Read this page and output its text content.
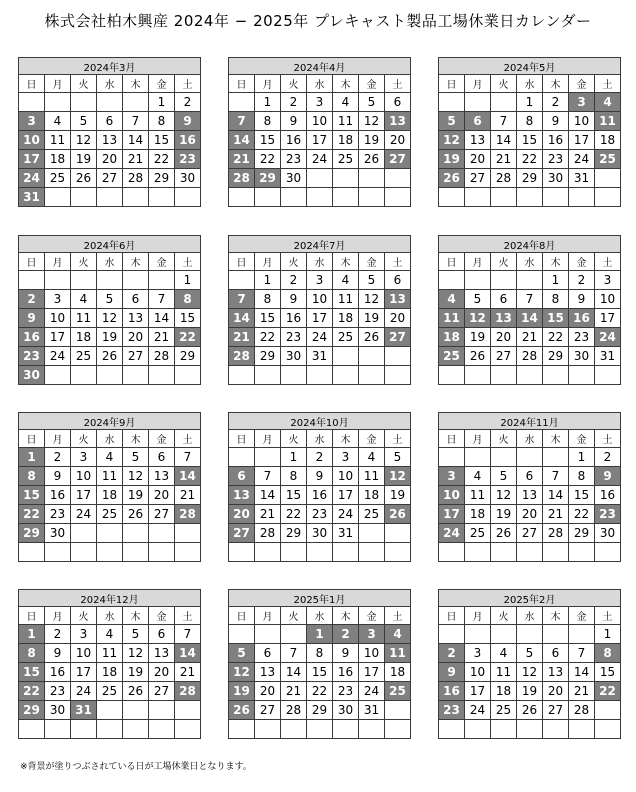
株式会社柏木興産 2024年 − 2025年 プレキャスト製品工場休業日カレンダー
2024年3月						
日	月	火	水	木	金	土
					1	2
3	4	5	6	7	8	9
10	11	12	13	14	15	16
17	18	19	20	21	22	23
24	25	26	27	28	29	30
31						
2024年4月						
日	月	火	水	木	金	土
	1	2	3	4	5	6
7	8	9	10	11	12	13
14	15	16	17	18	19	20
21	22	23	24	25	26	27
28	29	30				

2024年5月						
日	月	火	水	木	金	土
			1	2	3	4
5	6	7	8	9	10	11
12	13	14	15	16	17	18
19	20	21	22	23	24	25
26	27	28	29	30	31	

2024年6月						
日	月	火	水	木	金	土
						1
2	3	4	5	6	7	8
9	10	11	12	13	14	15
16	17	18	19	20	21	22
23	24	25	26	27	28	29
30						
2024年7月						
日	月	火	水	木	金	土
	1	2	3	4	5	6
7	8	9	10	11	12	13
14	15	16	17	18	19	20
21	22	23	24	25	26	27
28	29	30	31			

2024年8月						
日	月	火	水	木	金	土
				1	2	3
4	5	6	7	8	9	10
11	12	13	14	15	16	17
18	19	20	21	22	23	24
25	26	27	28	29	30	31

2024年9月						
日	月	火	水	木	金	土
1	2	3	4	5	6	7
8	9	10	11	12	13	14
15	16	17	18	19	20	21
22	23	24	25	26	27	28
29	30					

2024年10月						
日	月	火	水	木	金	土
		1	2	3	4	5
6	7	8	9	10	11	12
13	14	15	16	17	18	19
20	21	22	23	24	25	26
27	28	29	30	31		

2024年11月						
日	月	火	水	木	金	土
					1	2
3	4	5	6	7	8	9
10	11	12	13	14	15	16
17	18	19	20	21	22	23
24	25	26	27	28	29	30

2024年12月						
日	月	火	水	木	金	土
1	2	3	4	5	6	7
8	9	10	11	12	13	14
15	16	17	18	19	20	21
22	23	24	25	26	27	28
29	30	31				

2025年1月						
日	月	火	水	木	金	土
			1	2	3	4
5	6	7	8	9	10	11
12	13	14	15	16	17	18
19	20	21	22	23	24	25
26	27	28	29	30	31	

2025年2月						
日	月	火	水	木	金	土
						1
2	3	4	5	6	7	8
9	10	11	12	13	14	15
16	17	18	19	20	21	22
23	24	25	26	27	28	

※背景が塗りつぶされている日が工場休業日となります。
